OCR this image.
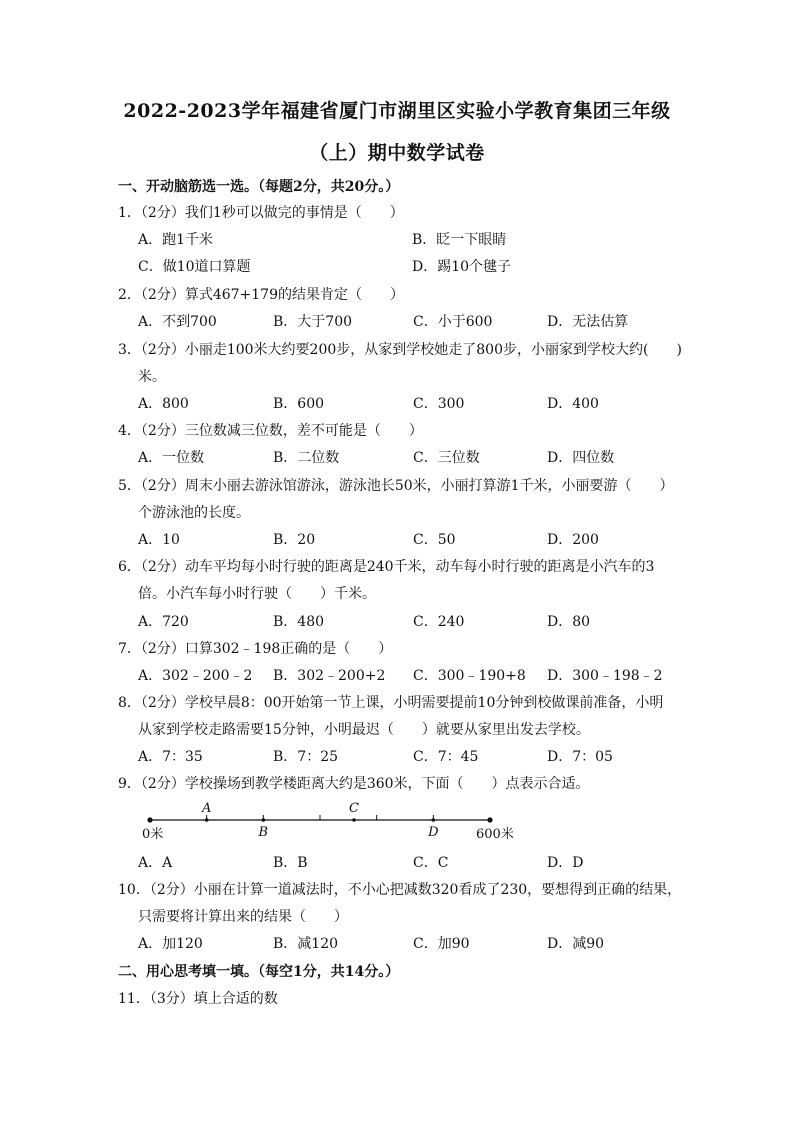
2022-2023学年福建省厦门市湖里区实验小学教育集团三年级
（上）期中数学试卷
一、开动脑筋选一选。（每题2分，共20分。）
1．（2分）我们1秒可以做完的事情是（　　）
A．跑1千米	B．眨一下眼睛
C．做10道口算题	D．踢10个毽子
2．（2分）算式467+179的结果肯定（　　）
A．不到700	B．大于700	C．小于600	D．无法估算
3．（2分）小丽走100米大约要200步，从家到学校她走了800步，小丽家到学校大约(　　)
米。
A．800	B．600	C．300	D．400
4．（2分）三位数减三位数，差不可能是（　　）
A．一位数	B．二位数	C．三位数	D．四位数
5．（2分）周末小丽去游泳馆游泳，游泳池长50米，小丽打算游1千米，小丽要游（　　）
个游泳池的长度。
A．10	B．20	C．50	D．200
6．（2分）动车平均每小时行驶的距离是240千米，动车每小时行驶的距离是小汽车的3
倍。小汽车每小时行驶（　　）千米。
A．720	B．480	C．240	D．80
7．（2分）口算302﹣198正确的是（　　）
A．302﹣200﹣2 B．302﹣200+2 C．300﹣190+8 D．300﹣198﹣2
8．（2分）学校早晨8：00开始第一节上课，小明需要提前10分钟到校做课前准备，小明
从家到学校走路需要15分钟，小明最迟（　　）就要从家里出发去学校。
A．7：35	B．7：25	C．7：45	D．7：05
9．（2分）学校操场到教学楼距离大约是360米，下面（　　）点表示合适。
A
B
C
D
0米	600米
A．A	B．B	C．C	D．D
10．（2分）小丽在计算一道减法时，不小心把减数320看成了230，要想得到正确的结果，
只需要将计算出来的结果（　　）
A．加120	B．减120	C．加90	D．减90
二、用心思考填一填。（每空1分，共14分。）
11．（3分）填上合适的数
